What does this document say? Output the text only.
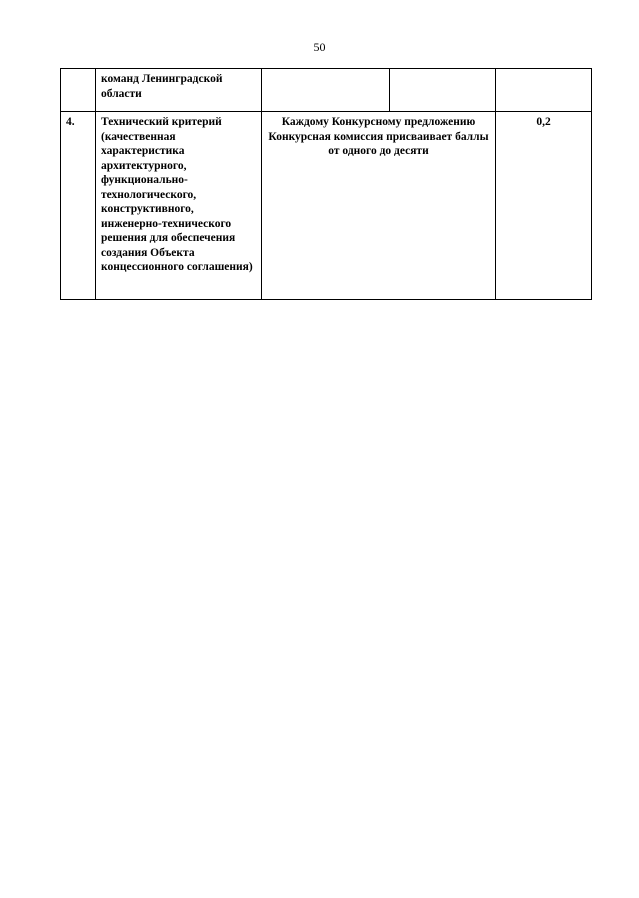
50
	команд Ленинградской области			
4.	Технический критерий (качественная характеристика архитектурного, функционально-технологического, конструктивного, инженерно-технического решения для обеспечения создания Объекта концессионного соглашения)	Каждому Конкурсному предложению Конкурсная комиссия присваивает баллы от одного до десяти		0,2
